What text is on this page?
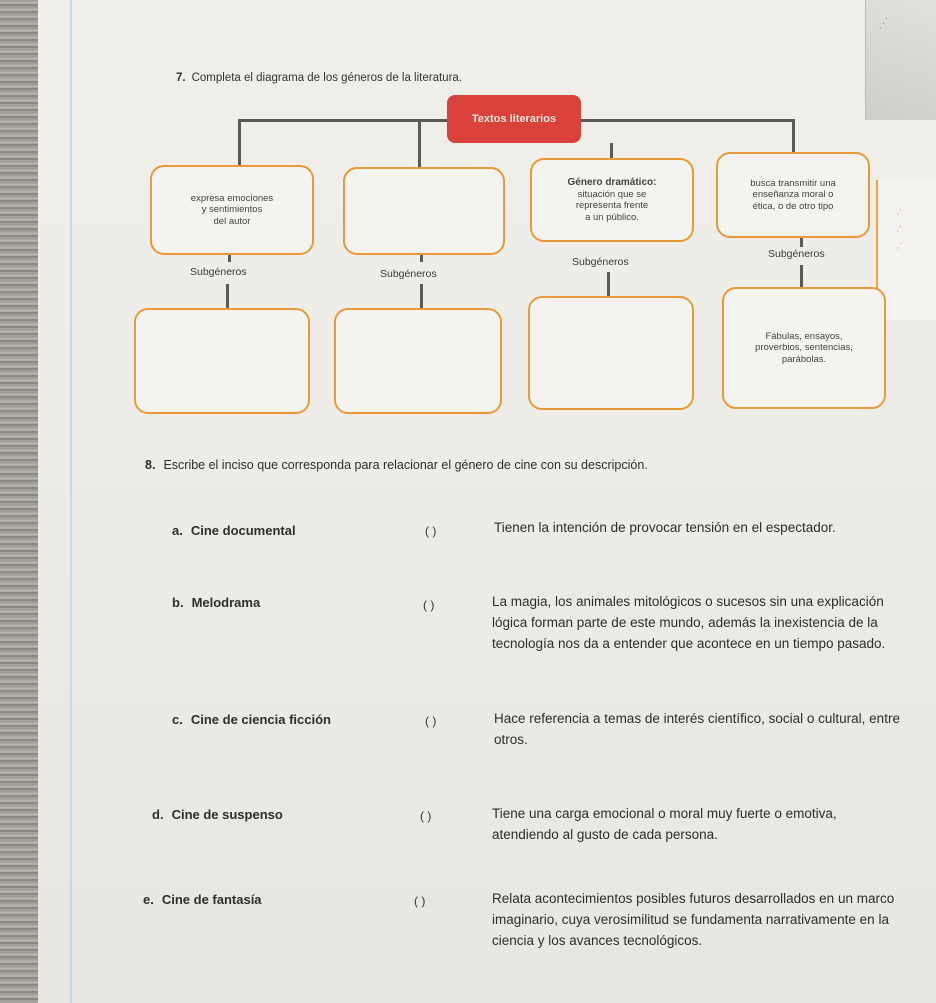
· · ·
· ·
· ·
· ·
7. Completa el diagrama de los géneros de la literatura.
Textos literarios
expresa emociones
y sentimientos
del autor
Género dramático:
situación que se
representa frente
a un público.
busca transmitir una
enseñanza moral o
ética, o de otro tipo
Subgéneros	Subgéneros
Subgéneros
Subgéneros
Fábulas, ensayos,
proverbios, sentencias,
parábolas.
8. Escribe el inciso que corresponda para relacionar el género de cine con su descripción.
a. Cine documental	( )	Tienen la intención de provocar tensión en el espectador.
b. Melodrama	( )	La magia, los animales mitológicos o sucesos sin una explicación lógica forman parte de este mundo, además la inexistencia de la tecnología nos da a entender que acontece en un tiempo pasado.
c. Cine de ciencia ficción	( )	Hace referencia a temas de interés científico, social o cultural, entre otros.
d. Cine de suspenso	( )	Tiene una carga emocional o moral muy fuerte o emotiva, atendiendo al gusto de cada persona.
e. Cine de fantasía	( )	Relata acontecimientos posibles futuros desarrollados en un marco imaginario, cuya verosimilitud se fundamenta narrativamente en la ciencia y los avances tecnológicos.
